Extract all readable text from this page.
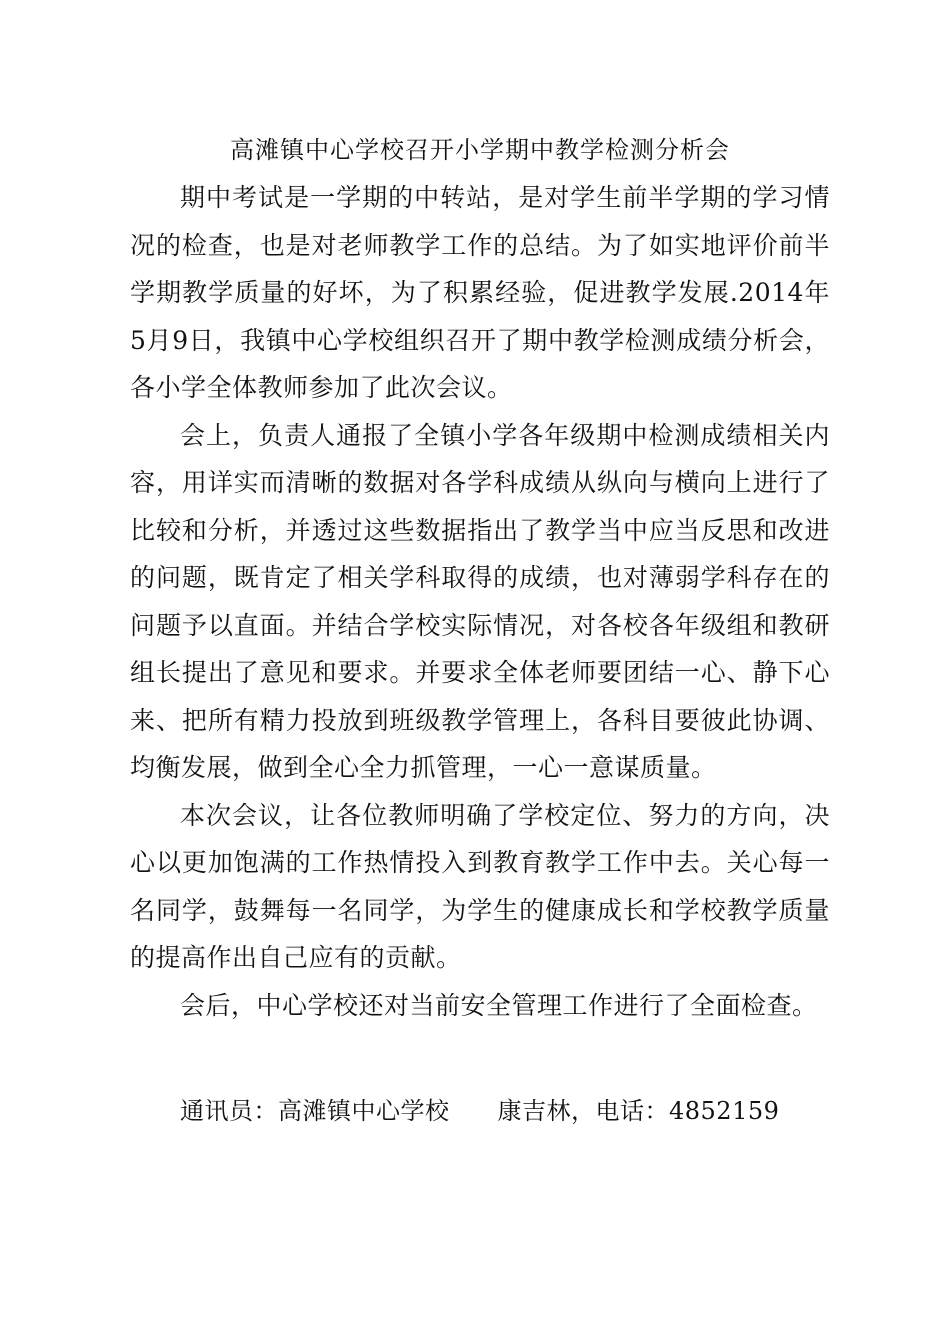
高滩镇中心学校召开小学期中教学检测分析会

期中考试是一学期的中转站，是对学生前半学期的学习情况的检查，也是对老师教学工作的总结。为了如实地评价前半学期教学质量的好坏，为了积累经验，促进教学发展.2014年5月9日，我镇中心学校组织召开了期中教学检测成绩分析会，各小学全体教师参加了此次会议。

会上，负责人通报了全镇小学各年级期中检测成绩相关内容，用详实而清晰的数据对各学科成绩从纵向与横向上进行了比较和分析，并透过这些数据指出了教学当中应当反思和改进的问题，既肯定了相关学科取得的成绩，也对薄弱学科存在的问题予以直面。并结合学校实际情况，对各校各年级组和教研组长提出了意见和要求。并要求全体老师要团结一心、静下心来、把所有精力投放到班级教学管理上，各科目要彼此协调、均衡发展，做到全心全力抓管理，一心一意谋质量。

本次会议，让各位教师明确了学校定位、努力的方向，决心以更加饱满的工作热情投入到教育教学工作中去。关心每一名同学，鼓舞每一名同学，为学生的健康成长和学校教学质量的提高作出自己应有的贡献。

会后，中心学校还对当前安全管理工作进行了全面检查。

通讯员：高滩镇中心学校 康吉林，电话：4852159
